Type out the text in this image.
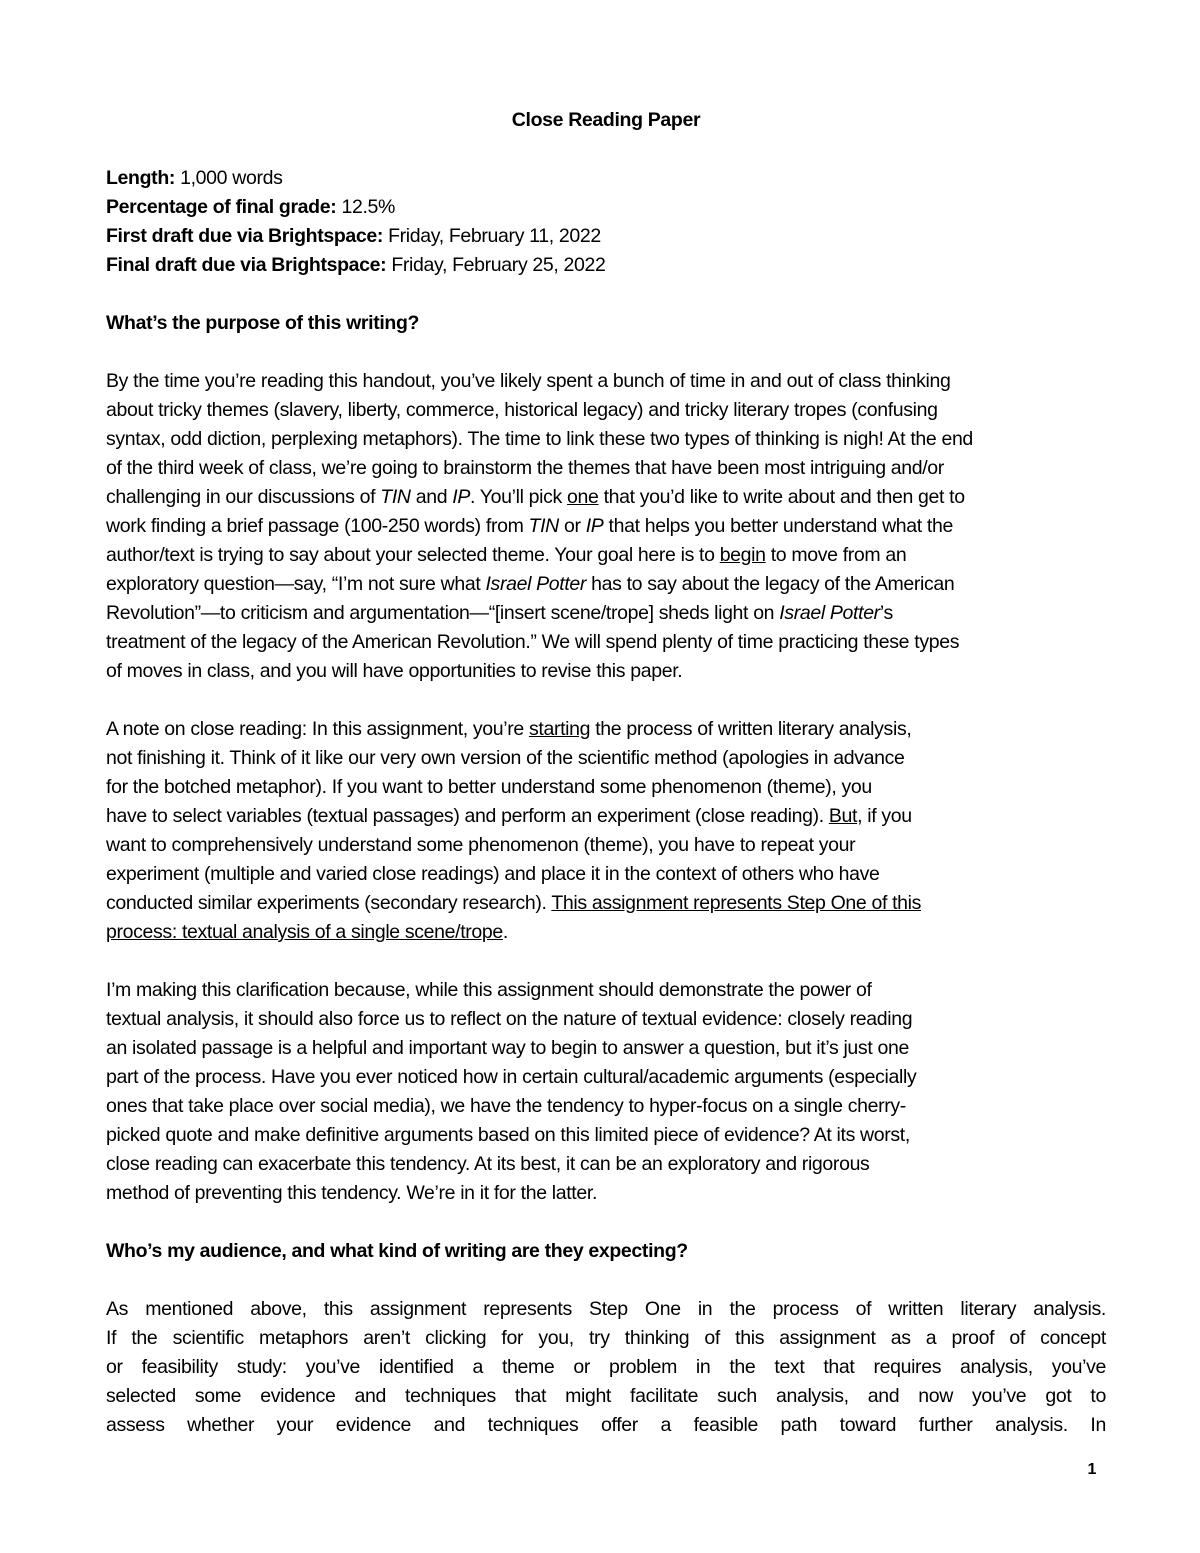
Close Reading Paper
Length: 1,000 words
Percentage of final grade: 12.5%
First draft due via Brightspace: Friday, February 11, 2022
Final draft due via Brightspace: Friday, February 25, 2022
What’s the purpose of this writing?
By the time you’re reading this handout, you’ve likely spent a bunch of time in and out of class thinking
about tricky themes (slavery, liberty, commerce, historical legacy) and tricky literary tropes (confusing
syntax, odd diction, perplexing metaphors). The time to link these two types of thinking is nigh! At the end
of the third week of class, we’re going to brainstorm the themes that have been most intriguing and/or
challenging in our discussions of TIN and IP. You’ll pick one that you’d like to write about and then get to
work finding a brief passage (100-250 words) from TIN or IP that helps you better understand what the
author/text is trying to say about your selected theme. Your goal here is to begin to move from an
exploratory question—say, “I’m not sure what Israel Potter has to say about the legacy of the American
Revolution”—to criticism and argumentation—“[insert scene/trope] sheds light on Israel Potter’s
treatment of the legacy of the American Revolution.” We will spend plenty of time practicing these types
of moves in class, and you will have opportunities to revise this paper.
A note on close reading: In this assignment, you’re starting the process of written literary analysis,
not finishing it. Think of it like our very own version of the scientific method (apologies in advance
for the botched metaphor). If you want to better understand some phenomenon (theme), you
have to select variables (textual passages) and perform an experiment (close reading). But, if you
want to comprehensively understand some phenomenon (theme), you have to repeat your
experiment (multiple and varied close readings) and place it in the context of others who have
conducted similar experiments (secondary research). This assignment represents Step One of this
process: textual analysis of a single scene/trope.
I’m making this clarification because, while this assignment should demonstrate the power of
textual analysis, it should also force us to reflect on the nature of textual evidence: closely reading
an isolated passage is a helpful and important way to begin to answer a question, but it’s just one
part of the process. Have you ever noticed how in certain cultural/academic arguments (especially
ones that take place over social media), we have the tendency to hyper-focus on a single cherry-
picked quote and make definitive arguments based on this limited piece of evidence? At its worst,
close reading can exacerbate this tendency. At its best, it can be an exploratory and rigorous
method of preventing this tendency. We’re in it for the latter.
Who’s my audience, and what kind of writing are they expecting?
As mentioned above, this assignment represents Step One in the process of written literary analysis.
If the scientific metaphors aren’t clicking for you, try thinking of this assignment as a proof of concept
or feasibility study: you’ve identified a theme or problem in the text that requires analysis, you’ve
selected some evidence and techniques that might facilitate such analysis, and now you’ve got to
assess whether your evidence and techniques offer a feasible path toward further analysis. In
1
